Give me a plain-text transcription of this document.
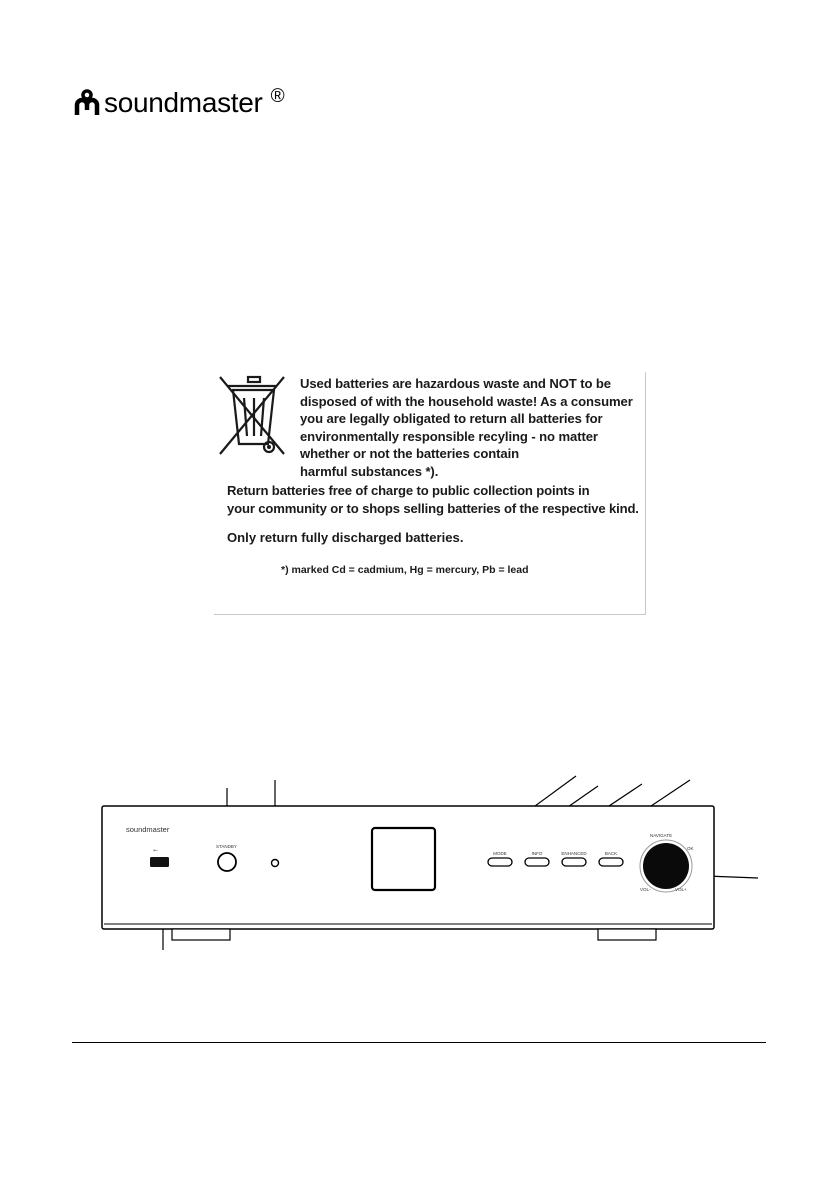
soundmaster ®
Used batteries are hazardous waste and NOT to be
disposed of with the household waste! As a consumer
you are legally obligated to return all batteries for
environmentally responsible recyling - no matter
whether or not the batteries contain
harmful substances *).
Return batteries free of charge to public collection points in
your community or to shops selling batteries of the respective kind.
Only return fully discharged batteries.
*) marked Cd = cadmium, Hg = mercury, Pb = lead
soundmaster
⭠
STANDBY
MODE	INFO	ENHANCED	BACK
NAVIGATE
OK
VOL-	VOL+
